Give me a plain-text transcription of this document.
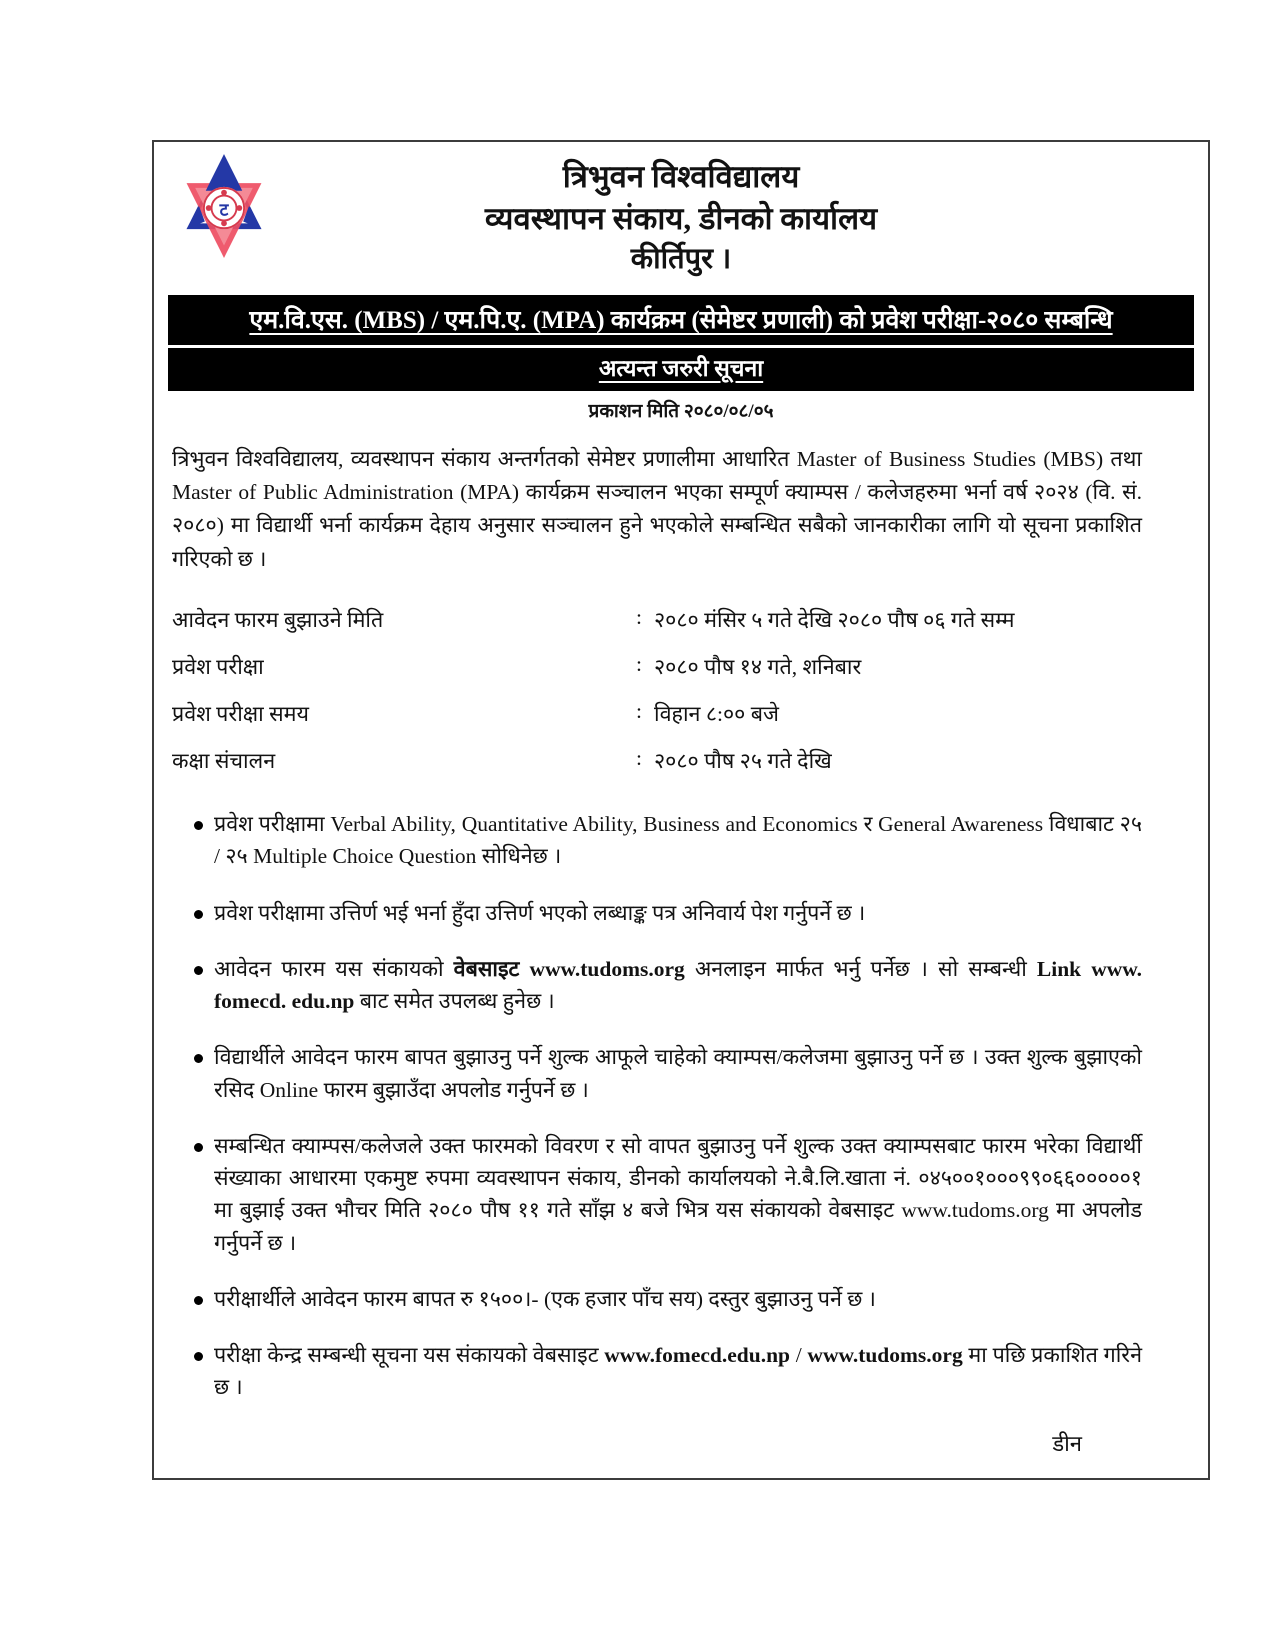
ट
त्रिभुवन विश्वविद्यालय
व्यवस्थापन संकाय, डीनको कार्यालय
कीर्तिपुर ।
एम.वि.एस. (MBS) / एम.पि.ए. (MPA) कार्यक्रम (सेमेष्टर प्रणाली) को प्रवेश परीक्षा-२०८० सम्बन्धि
अत्यन्त जरुरी सूचना
प्रकाशन मिति २०८०/०८/०५

त्रिभुवन विश्वविद्यालय, व्यवस्थापन संकाय अन्तर्गतको सेमेष्टर प्रणालीमा आधारित Master of Business Studies (MBS) तथा Master of Public Administration (MPA) कार्यक्रम सञ्चालन भएका सम्पूर्ण क्याम्पस / कलेजहरुमा भर्ना वर्ष २०२४ (वि. सं. २०८०) मा विद्यार्थी भर्ना कार्यक्रम देहाय अनुसार सञ्चालन हुने भएकोले सम्बन्धित सबैको जानकारीका लागि यो सूचना प्रकाशित गरिएको छ ।

आवेदन फारम बुझाउने मिति	: २०८० मंसिर ५ गते देखि २०८० पौष ०६ गते सम्म
प्रवेश परीक्षा	: २०८० पौष १४ गते, शनिबार
प्रवेश परीक्षा समय	: विहान ८:०० बजे
कक्षा संचालन	: २०८० पौष २५ गते देखि
प्रवेश परीक्षामा Verbal Ability, Quantitative Ability, Business and Economics र General Awareness विधाबाट २५ / २५ Multiple Choice Question सोधिनेछ ।
प्रवेश परीक्षामा उत्तिर्ण भई भर्ना हुँदा उत्तिर्ण भएको लब्धाङ्क पत्र अनिवार्य पेश गर्नुपर्ने छ ।
आवेदन फारम यस संकायको वेबसाइट www.tudoms.org अनलाइन मार्फत भर्नु पर्नेछ । सो सम्बन्धी Link www. fomecd. edu.np बाट समेत उपलब्ध हुनेछ ।
विद्यार्थीले आवेदन फारम बापत बुझाउनु पर्ने शुल्क आफूले चाहेको क्याम्पस/कलेजमा बुझाउनु पर्ने छ । उक्त शुल्क बुझाएको रसिद Online फारम बुझाउँदा अपलोड गर्नुपर्ने छ ।
सम्बन्धित क्याम्पस/कलेजले उक्त फारमको विवरण र सो वापत बुझाउनु पर्ने शुल्क उक्त क्याम्पसबाट फारम भरेका विद्यार्थी संख्याका आधारमा एकमुष्ट रुपमा व्यवस्थापन संकाय, डीनको कार्यालयको ने.बै.लि.खाता नं. ०४५००१०००९९०६६०००००१ मा बुझाई उक्त भौचर मिति २०८० पौष ११ गते साँझ ४ बजे भित्र यस संकायको वेबसाइट www.tudoms.org मा अपलोड गर्नुपर्ने छ ।
परीक्षार्थीले आवेदन फारम बापत रु १५००।- (एक हजार पाँच सय) दस्तुर बुझाउनु पर्ने छ ।
परीक्षा केन्द्र सम्बन्धी सूचना यस संकायको वेबसाइट www.fomecd.edu.np / www.tudoms.org मा पछि प्रकाशित गरिने छ ।
डीन
